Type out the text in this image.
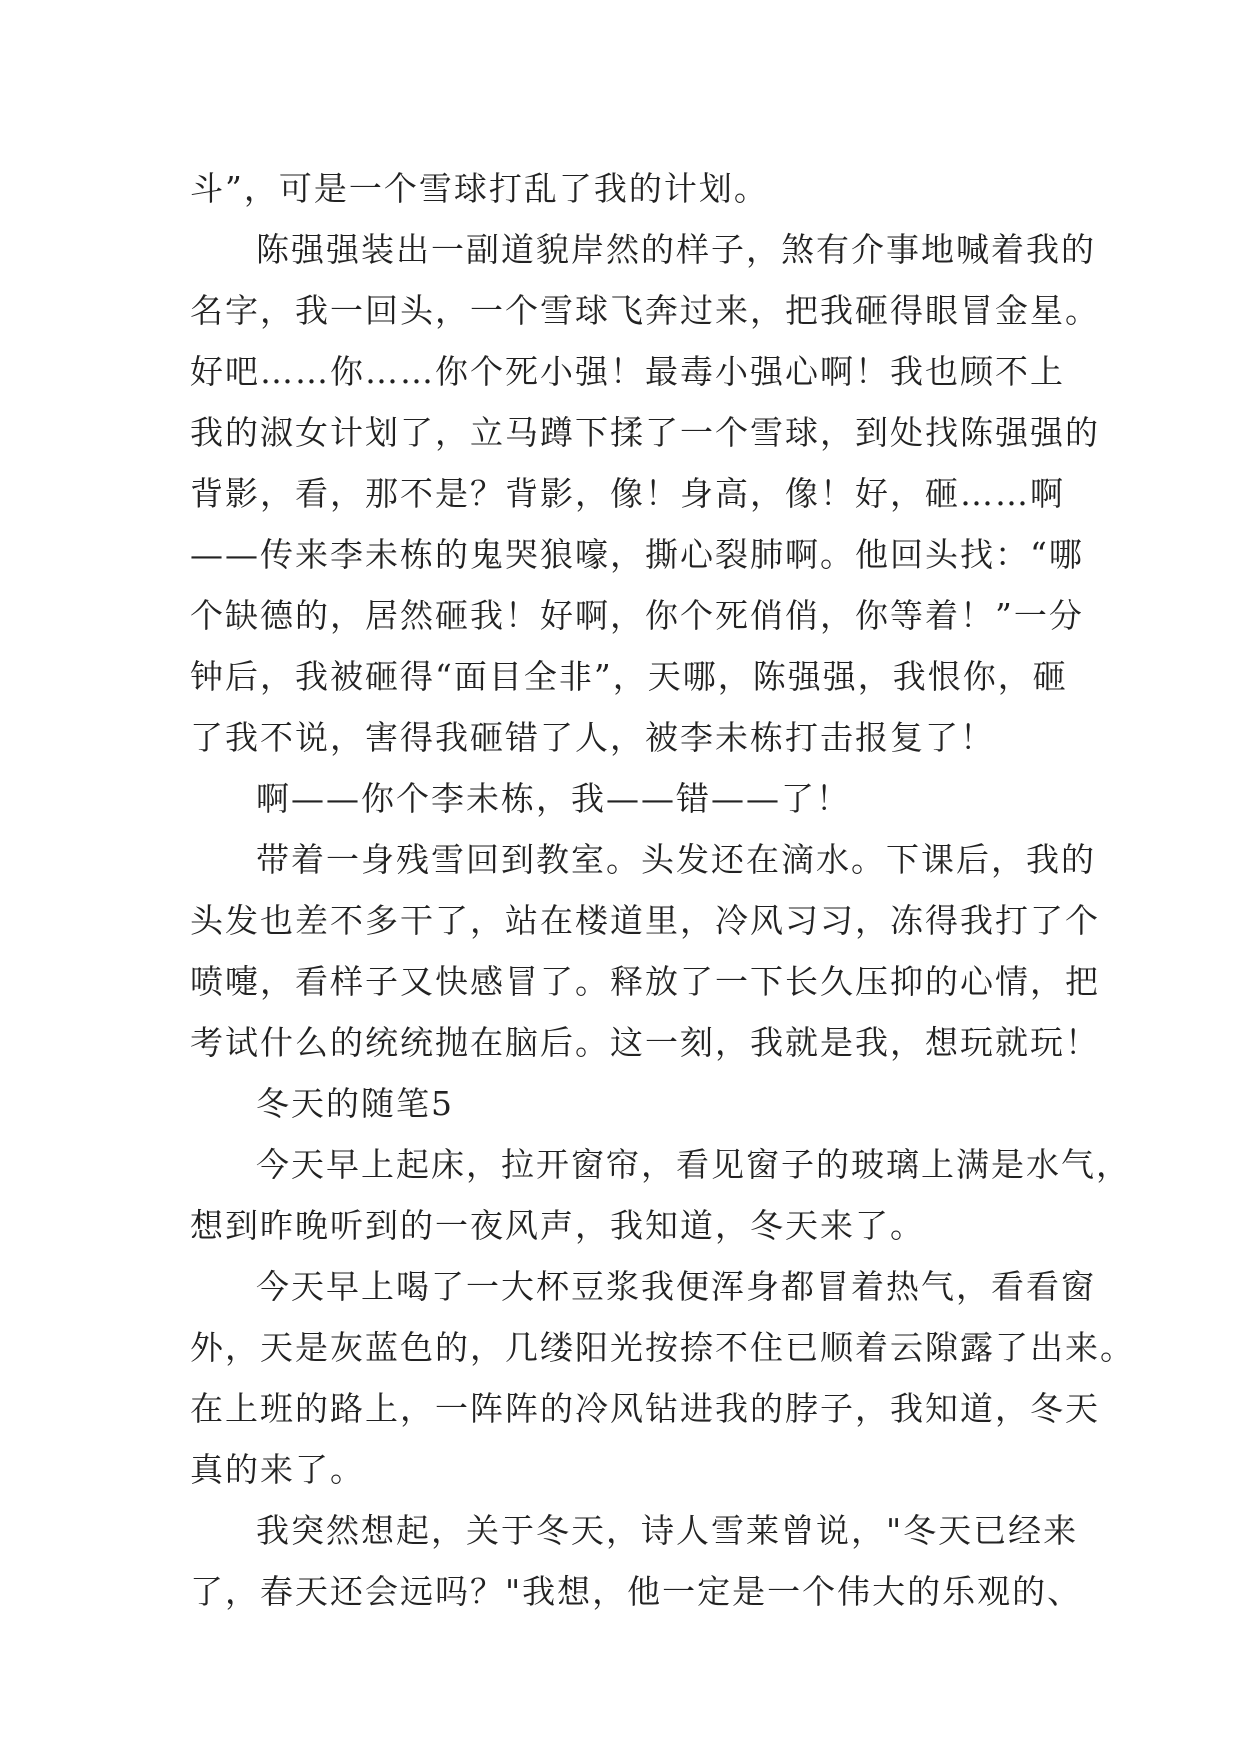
斗”，可是一个雪球打乱了我的计划。
陈强强装出一副道貌岸然的样子，煞有介事地喊着我的
名字，我一回头，一个雪球飞奔过来，把我砸得眼冒金星。
好吧……你……你个死小强！最毒小强心啊！我也顾不上
我的淑女计划了，立马蹲下揉了一个雪球，到处找陈强强的
背影，看，那不是？背影，像！身高，像！好，砸……啊
——传来李未栋的鬼哭狼嚎，撕心裂肺啊。他回头找：“哪
个缺德的，居然砸我！好啊，你个死俏俏，你等着！”一分
钟后，我被砸得“面目全非”，天哪，陈强强，我恨你，砸
了我不说，害得我砸错了人，被李未栋打击报复了！
啊——你个李未栋，我——错——了！
带着一身残雪回到教室。头发还在滴水。下课后，我的
头发也差不多干了，站在楼道里，冷风习习，冻得我打了个
喷嚏，看样子又快感冒了。释放了一下长久压抑的心情，把
考试什么的统统抛在脑后。这一刻，我就是我，想玩就玩！
冬天的随笔5
今天早上起床，拉开窗帘，看见窗子的玻璃上满是水气，
想到昨晚听到的一夜风声，我知道，冬天来了。
今天早上喝了一大杯豆浆我便浑身都冒着热气，看看窗
外，天是灰蓝色的，几缕阳光按捺不住已顺着云隙露了出来。
在上班的路上，一阵阵的冷风钻进我的脖子，我知道，冬天
真的来了。
我突然想起，关于冬天，诗人雪莱曾说，"冬天已经来
了，春天还会远吗？"我想，他一定是一个伟大的乐观的、
